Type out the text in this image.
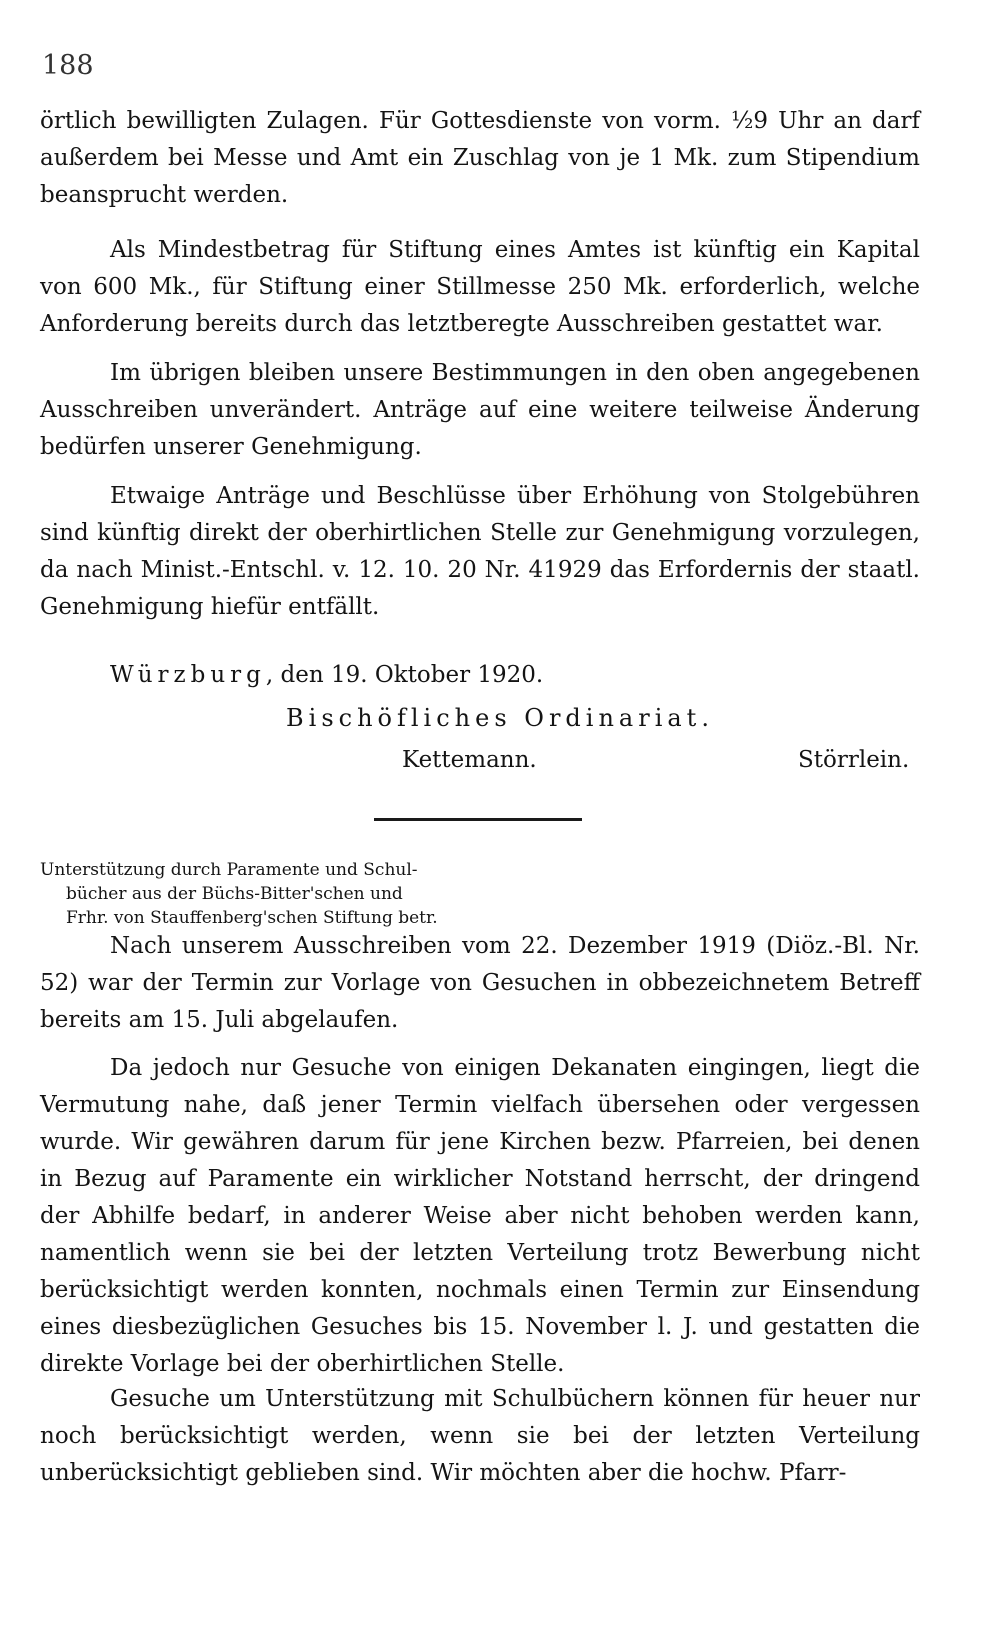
188

örtlich bewilligten Zulagen. Für Gottesdienste von vorm. ½9 Uhr an darf außerdem bei Messe und Amt ein Zuschlag von je 1 Mk. zum Stipendium beansprucht werden.

Als Mindestbetrag für Stiftung eines Amtes ist künftig ein Kapital von 600 Mk., für Stiftung einer Stillmesse 250 Mk. erforderlich, welche Anforderung bereits durch das letztberegte Ausschreiben gestattet war.

Im übrigen bleiben unsere Bestimmungen in den oben angegebenen Ausschreiben unverändert. Anträge auf eine weitere teilweise Änderung bedürfen unserer Genehmigung.

Etwaige Anträge und Beschlüsse über Erhöhung von Stolgebühren sind künftig direkt der oberhirtlichen Stelle zur Genehmigung vorzulegen, da nach Minist.-Entschl. v. 12. 10. 20 Nr. 41929 das Erfordernis der staatl. Genehmigung hiefür entfällt.

Würzburg, den 19. Oktober 1920.
Bischöfliches Ordinariat.
Kettemann.	Störrlein.
Unterstützung durch Paramente und Schul-
bücher aus der Büchs-Bitter'schen und
Frhr. von Stauffenberg'schen Stiftung betr.

Nach unserem Ausschreiben vom 22. Dezember 1919 (Diöz.-Bl. Nr. 52) war der Termin zur Vorlage von Gesuchen in obbezeichnetem Betreff bereits am 15. Juli abgelaufen.

Da jedoch nur Gesuche von einigen Dekanaten eingingen, liegt die Vermutung nahe, daß jener Termin vielfach übersehen oder vergessen wurde. Wir gewähren darum für jene Kirchen bezw. Pfarreien, bei denen in Bezug auf Paramente ein wirklicher Notstand herrscht, der dringend der Abhilfe bedarf, in anderer Weise aber nicht behoben werden kann, namentlich wenn sie bei der letzten Verteilung trotz Bewerbung nicht berücksichtigt werden konnten, nochmals einen Termin zur Einsendung eines diesbezüglichen Gesuches bis 15. November l. J. und gestatten die direkte Vorlage bei der oberhirtlichen Stelle.

Gesuche um Unterstützung mit Schulbüchern können für heuer nur noch berücksichtigt werden, wenn sie bei der letzten Verteilung unberücksichtigt geblieben sind. Wir möchten aber die hochw. Pfarr-
